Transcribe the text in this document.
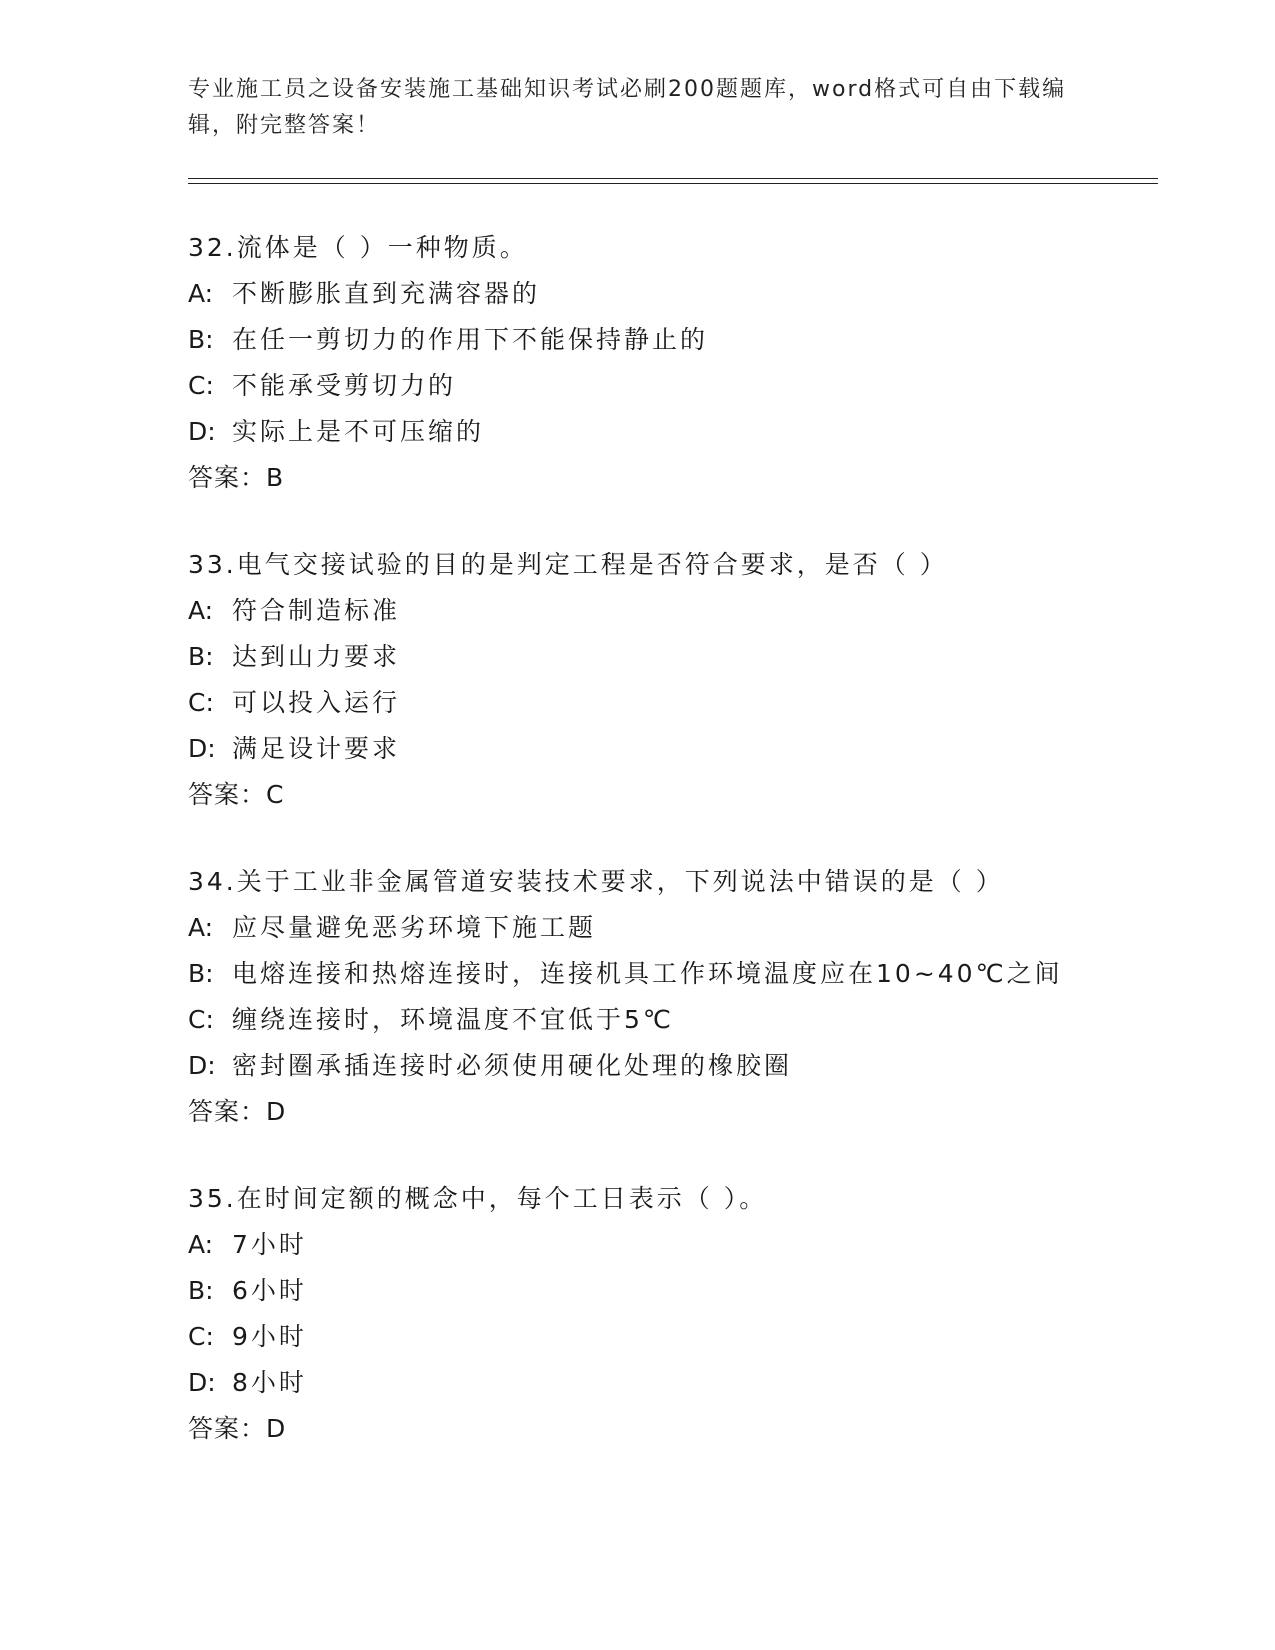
专业施工员之设备安装施工基础知识考试必刷200题题库，word格式可自由下载编辑，附完整答案！
32.流体是（ ）一种物质。
A: 不断膨胀直到充满容器的
B: 在任一剪切力的作用下不能保持静止的
C: 不能承受剪切力的
D: 实际上是不可压缩的
答案：B
33.电气交接试验的目的是判定工程是否符合要求，是否（ ）
A: 符合制造标准
B: 达到山力要求
C: 可以投入运行
D: 满足设计要求
答案：C
34.关于工业非金属管道安装技术要求，下列说法中错误的是（ ）
A: 应尽量避免恶劣环境下施工题
B: 电熔连接和热熔连接时，连接机具工作环境温度应在10~40℃之间
C: 缠绕连接时，环境温度不宜低于5℃
D: 密封圈承插连接时必须使用硬化处理的橡胶圈
答案：D
35.在时间定额的概念中，每个工日表示（ ）。
A: 7小时
B: 6小时
C: 9小时
D: 8小时
答案：D
